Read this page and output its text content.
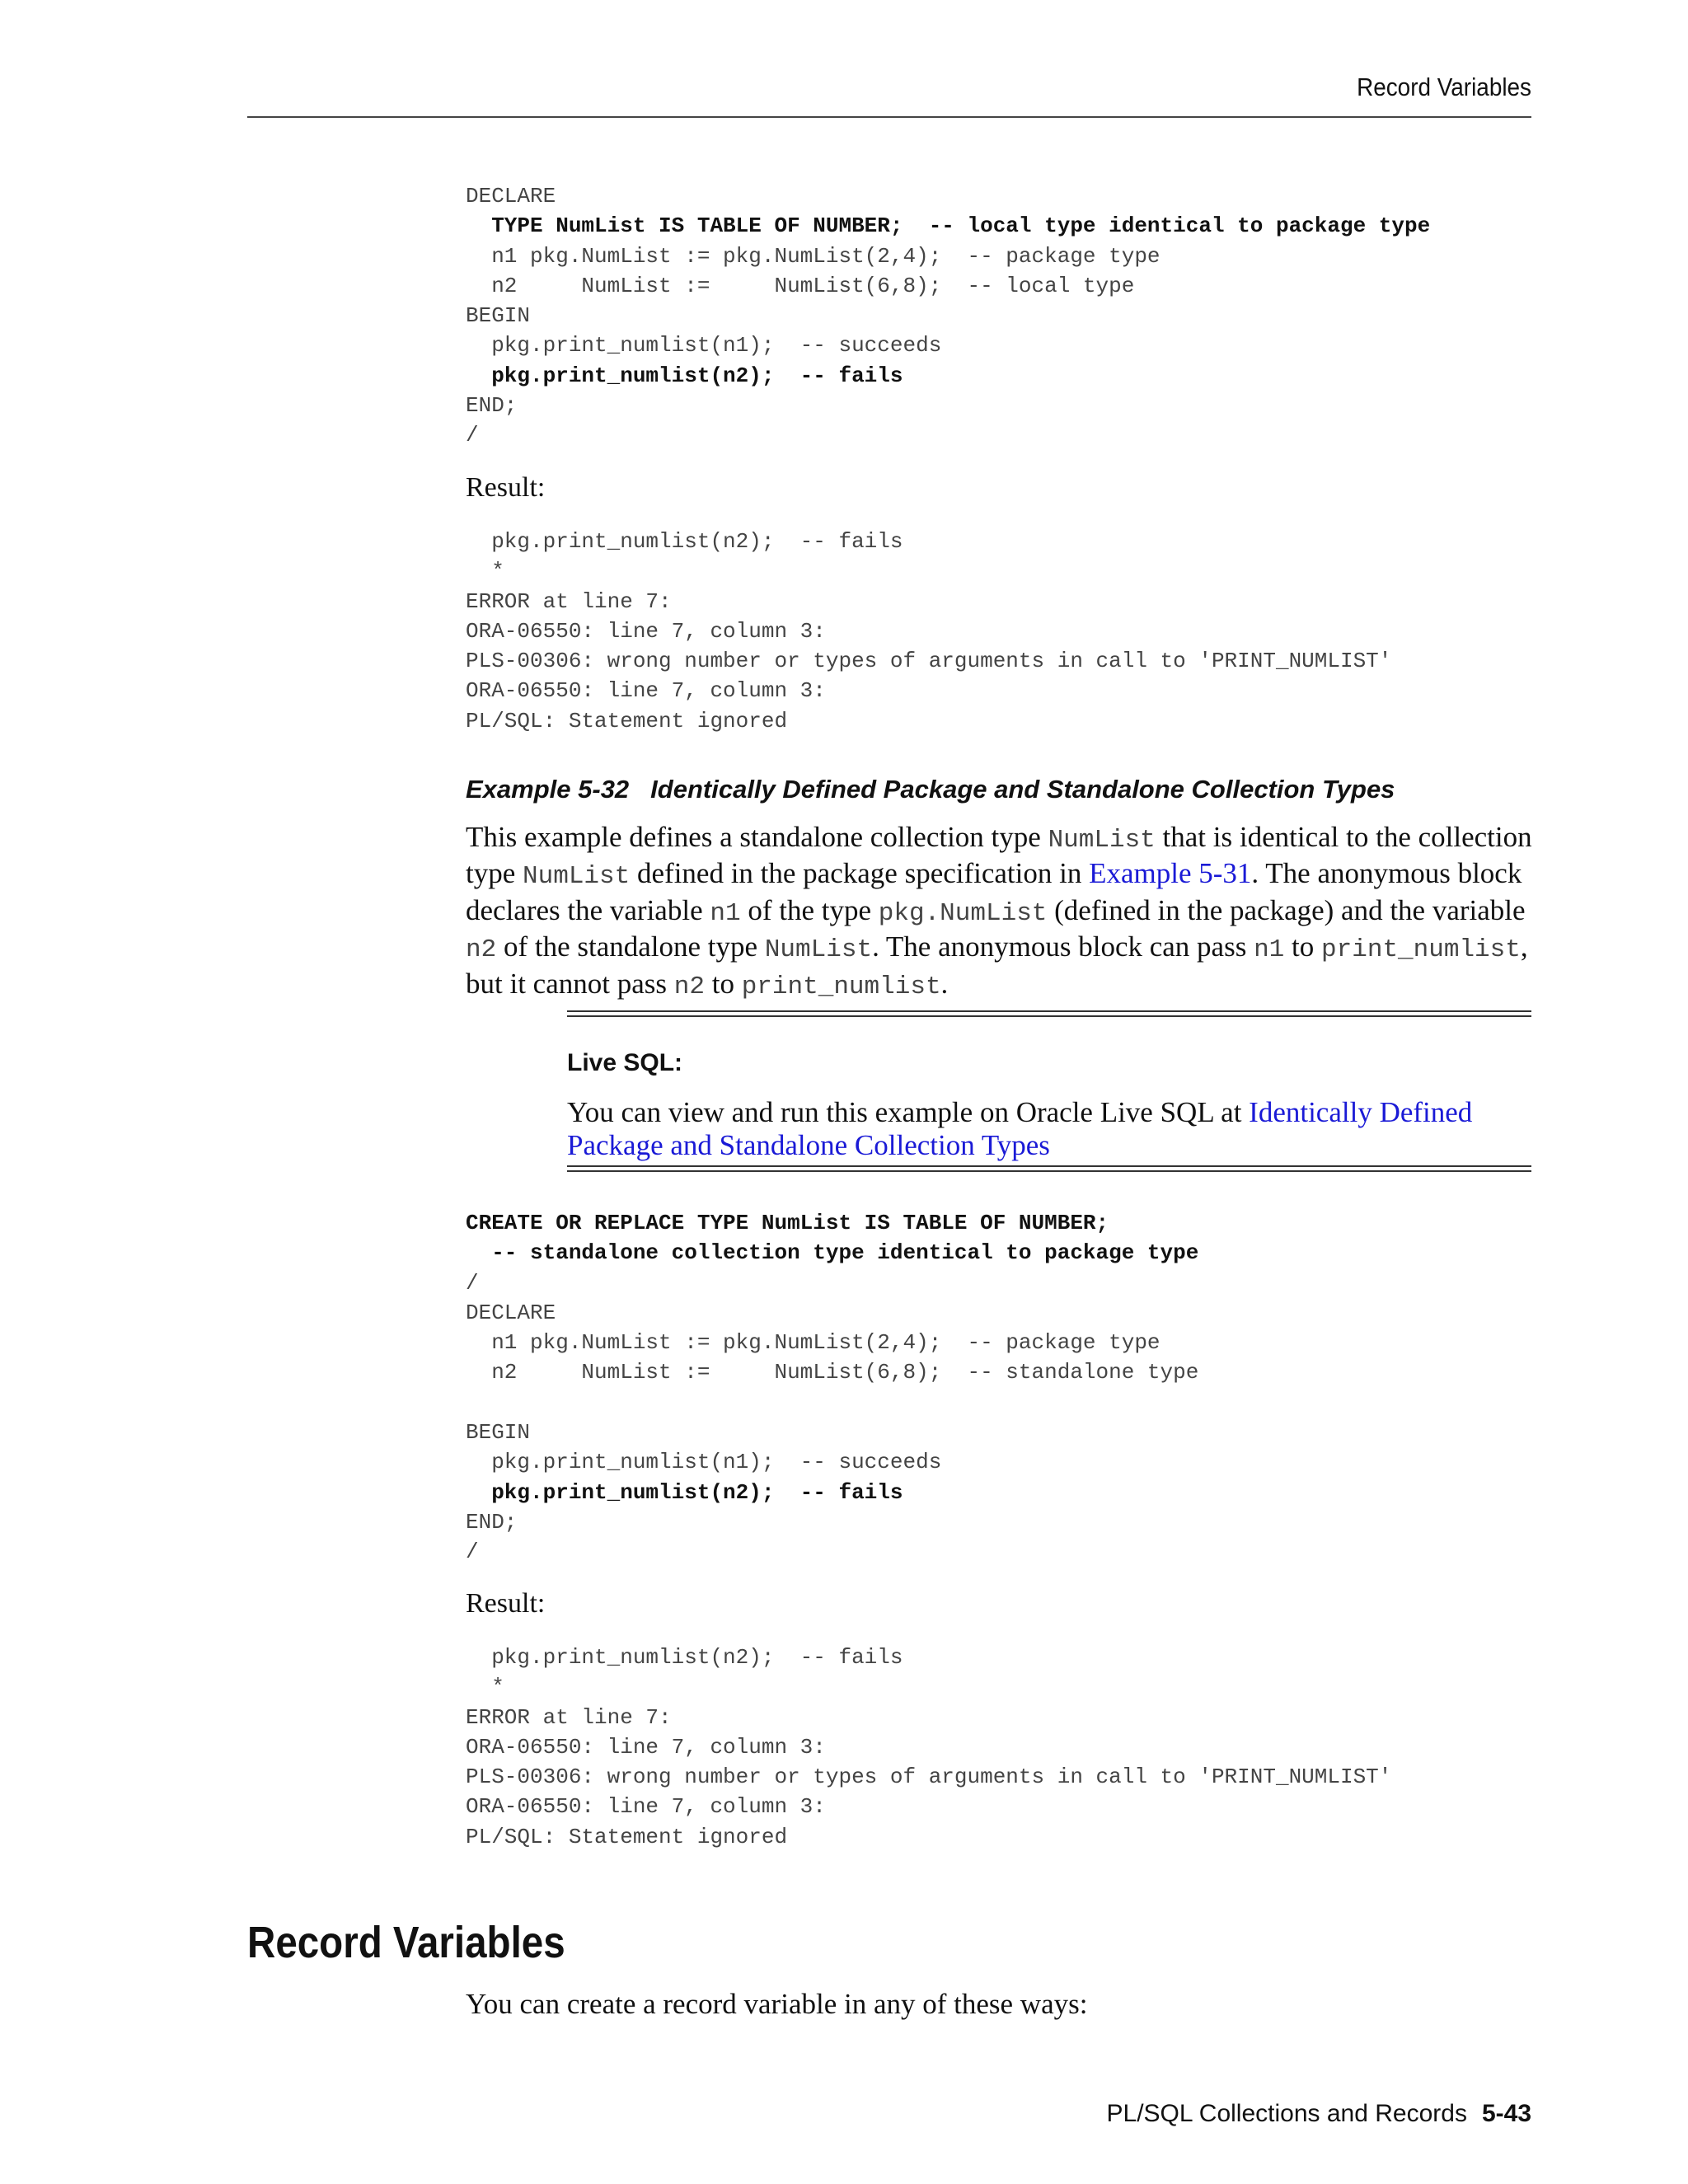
Record Variables
DECLARE
TYPE NumList IS TABLE OF NUMBER;  -- local type identical to package type
n1 pkg.NumList := pkg.NumList(2,4);  -- package type
n2     NumList :=     NumList(6,8);  -- local type
BEGIN
pkg.print_numlist(n1);  -- succeeds
pkg.print_numlist(n2);  -- fails
END;
/
Result:
pkg.print_numlist(n2);  -- fails
*
ERROR at line 7:
ORA-06550: line 7, column 3:
PLS-00306: wrong number or types of arguments in call to 'PRINT_NUMLIST'
ORA-06550: line 7, column 3:
PL/SQL: Statement ignored
Example 5-32 Identically Defined Package and Standalone Collection Types
This example defines a standalone collection type NumList that is identical to the collection type NumList defined in the package specification in Example 5-31. The anonymous block declares the variable n1 of the type pkg.NumList (defined in the package) and the variable n2 of the standalone type NumList. The anonymous block can pass n1 to print_numlist, but it cannot pass n2 to print_numlist.
Live SQL:
You can view and run this example on Oracle Live SQL at Identically Defined Package and Standalone Collection Types
CREATE OR REPLACE TYPE NumList IS TABLE OF NUMBER;
-- standalone collection type identical to package type
/
DECLARE
n1 pkg.NumList := pkg.NumList(2,4);  -- package type
n2     NumList :=     NumList(6,8);  -- standalone type
BEGIN
pkg.print_numlist(n1);  -- succeeds
pkg.print_numlist(n2);  -- fails
END;
/
Result:
pkg.print_numlist(n2);  -- fails
*
ERROR at line 7:
ORA-06550: line 7, column 3:
PLS-00306: wrong number or types of arguments in call to 'PRINT_NUMLIST'
ORA-06550: line 7, column 3:
PL/SQL: Statement ignored
Record Variables
You can create a record variable in any of these ways:
PL/SQL Collections and Records 5-43
